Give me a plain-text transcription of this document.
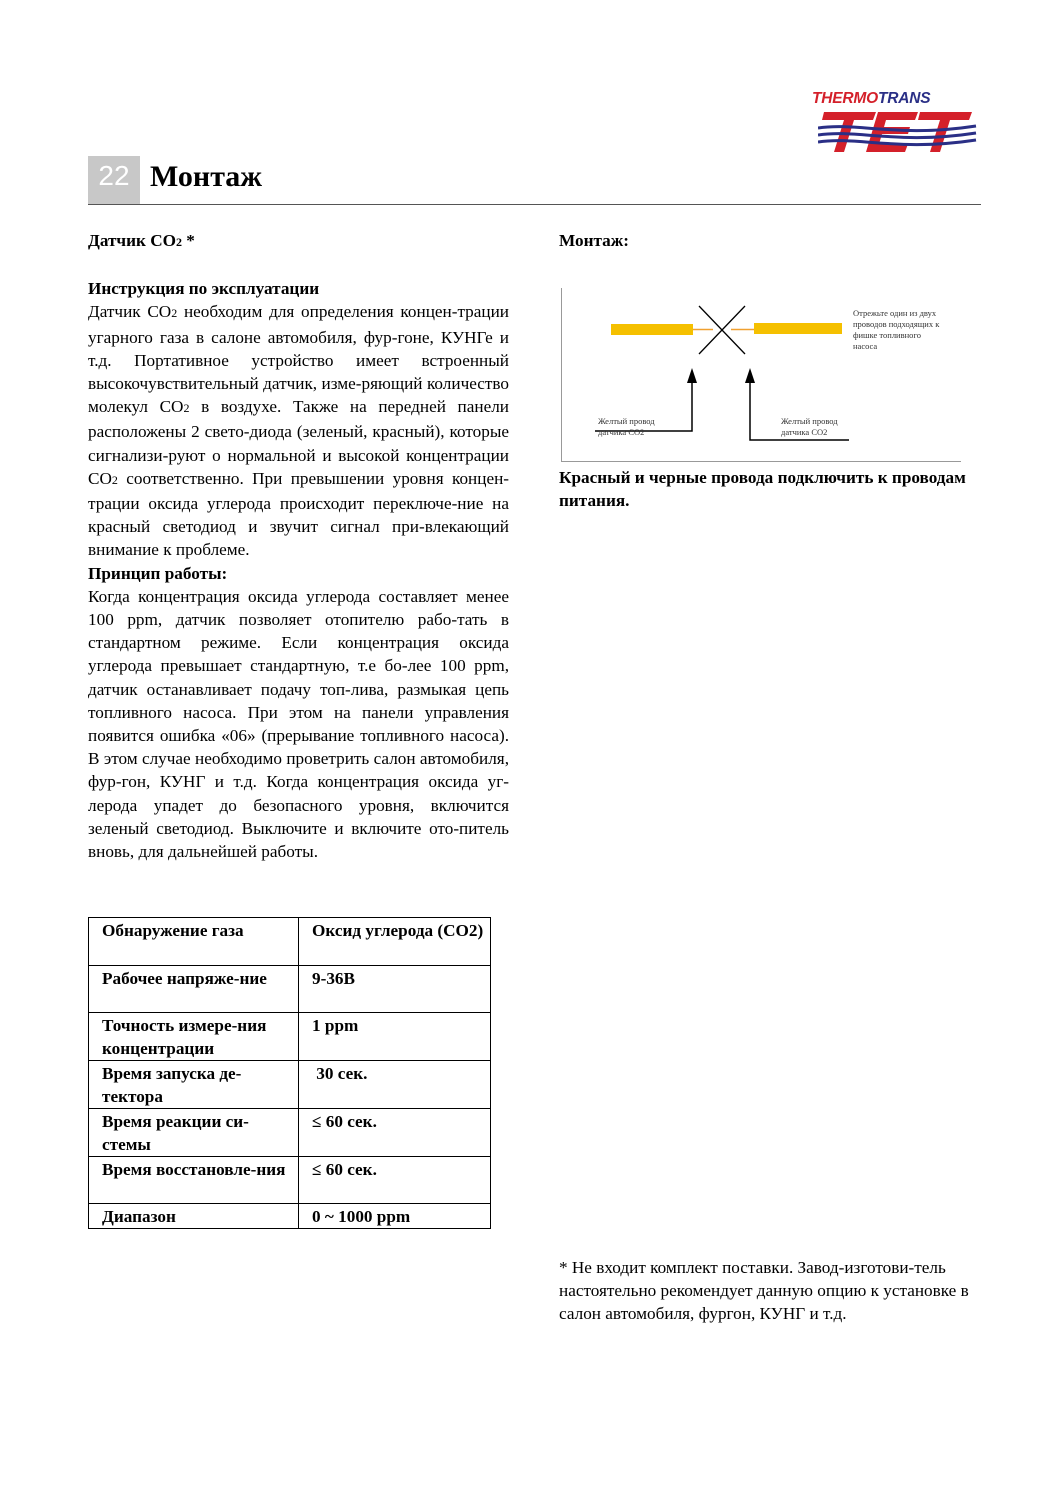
THERMOTRANS
22 Монтаж
Датчик CO2 *
Инструкция по эксплуатации

Датчик CO2 необходим для определения концен-трации угарного газа в салоне автомобиля, фур-гоне, КУНГе и т.д. Портативное устройство имеет встроенный высокочувствительный датчик, изме-ряющий количество молекул CO2 в воздухе. Также на передней панели расположены 2 свето-диода (зеленый, красный), которые сигнализи-руют о нормальной и высокой концентрации CO2 соответственно. При превышении уровня концен-трации оксида углерода происходит переключе-ние на красный светодиод и звучит сигнал при-влекающий внимание к проблеме.

Принцип работы:

Когда концентрация оксида углерода составляет менее 100 ppm, датчик позволяет отопителю рабо-тать в стандартном режиме. Если концентрация оксида углерода превышает стандартную, т.е бо-лее 100 ppm, датчик останавливает подачу топ-лива, размыкая цепь топливного насоса. При этом на панели управления появится ошибка «06» (прерывание топливного насоса). В этом случае необходимо проветрить салон автомобиля, фур-гон, КУНГ и т.д. Когда концентрация оксида уг-лерода упадет до безопасного уровня, включится зеленый светодиод. Выключите и включите ото-питель вновь, для дальнейшей работы.

Обнаружение газа	Оксид углерода (CO2)
Рабочее напряже-ние	9-36В
Точность измере-ния концентрации	1 ppm
Время запуска де-тектора	30 сек.
Время реакции си-стемы	≤ 60 сек.
Время восстановле-ния	≤ 60 сек.
Диапазон	0 ~ 1000 ppm
Монтаж:
Отрежьте один из двух
проводов подходящих к
фишке топливного
насоса
Желтый провод
датчика CO2
Желтый провод
датчика CO2
Красный и черные провода подключить к проводам питания.
* Не входит комплект поставки. Завод-изготови-тель настоятельно рекомендует данную опцию к установке в салон автомобиля, фургон, КУНГ и т.д.
